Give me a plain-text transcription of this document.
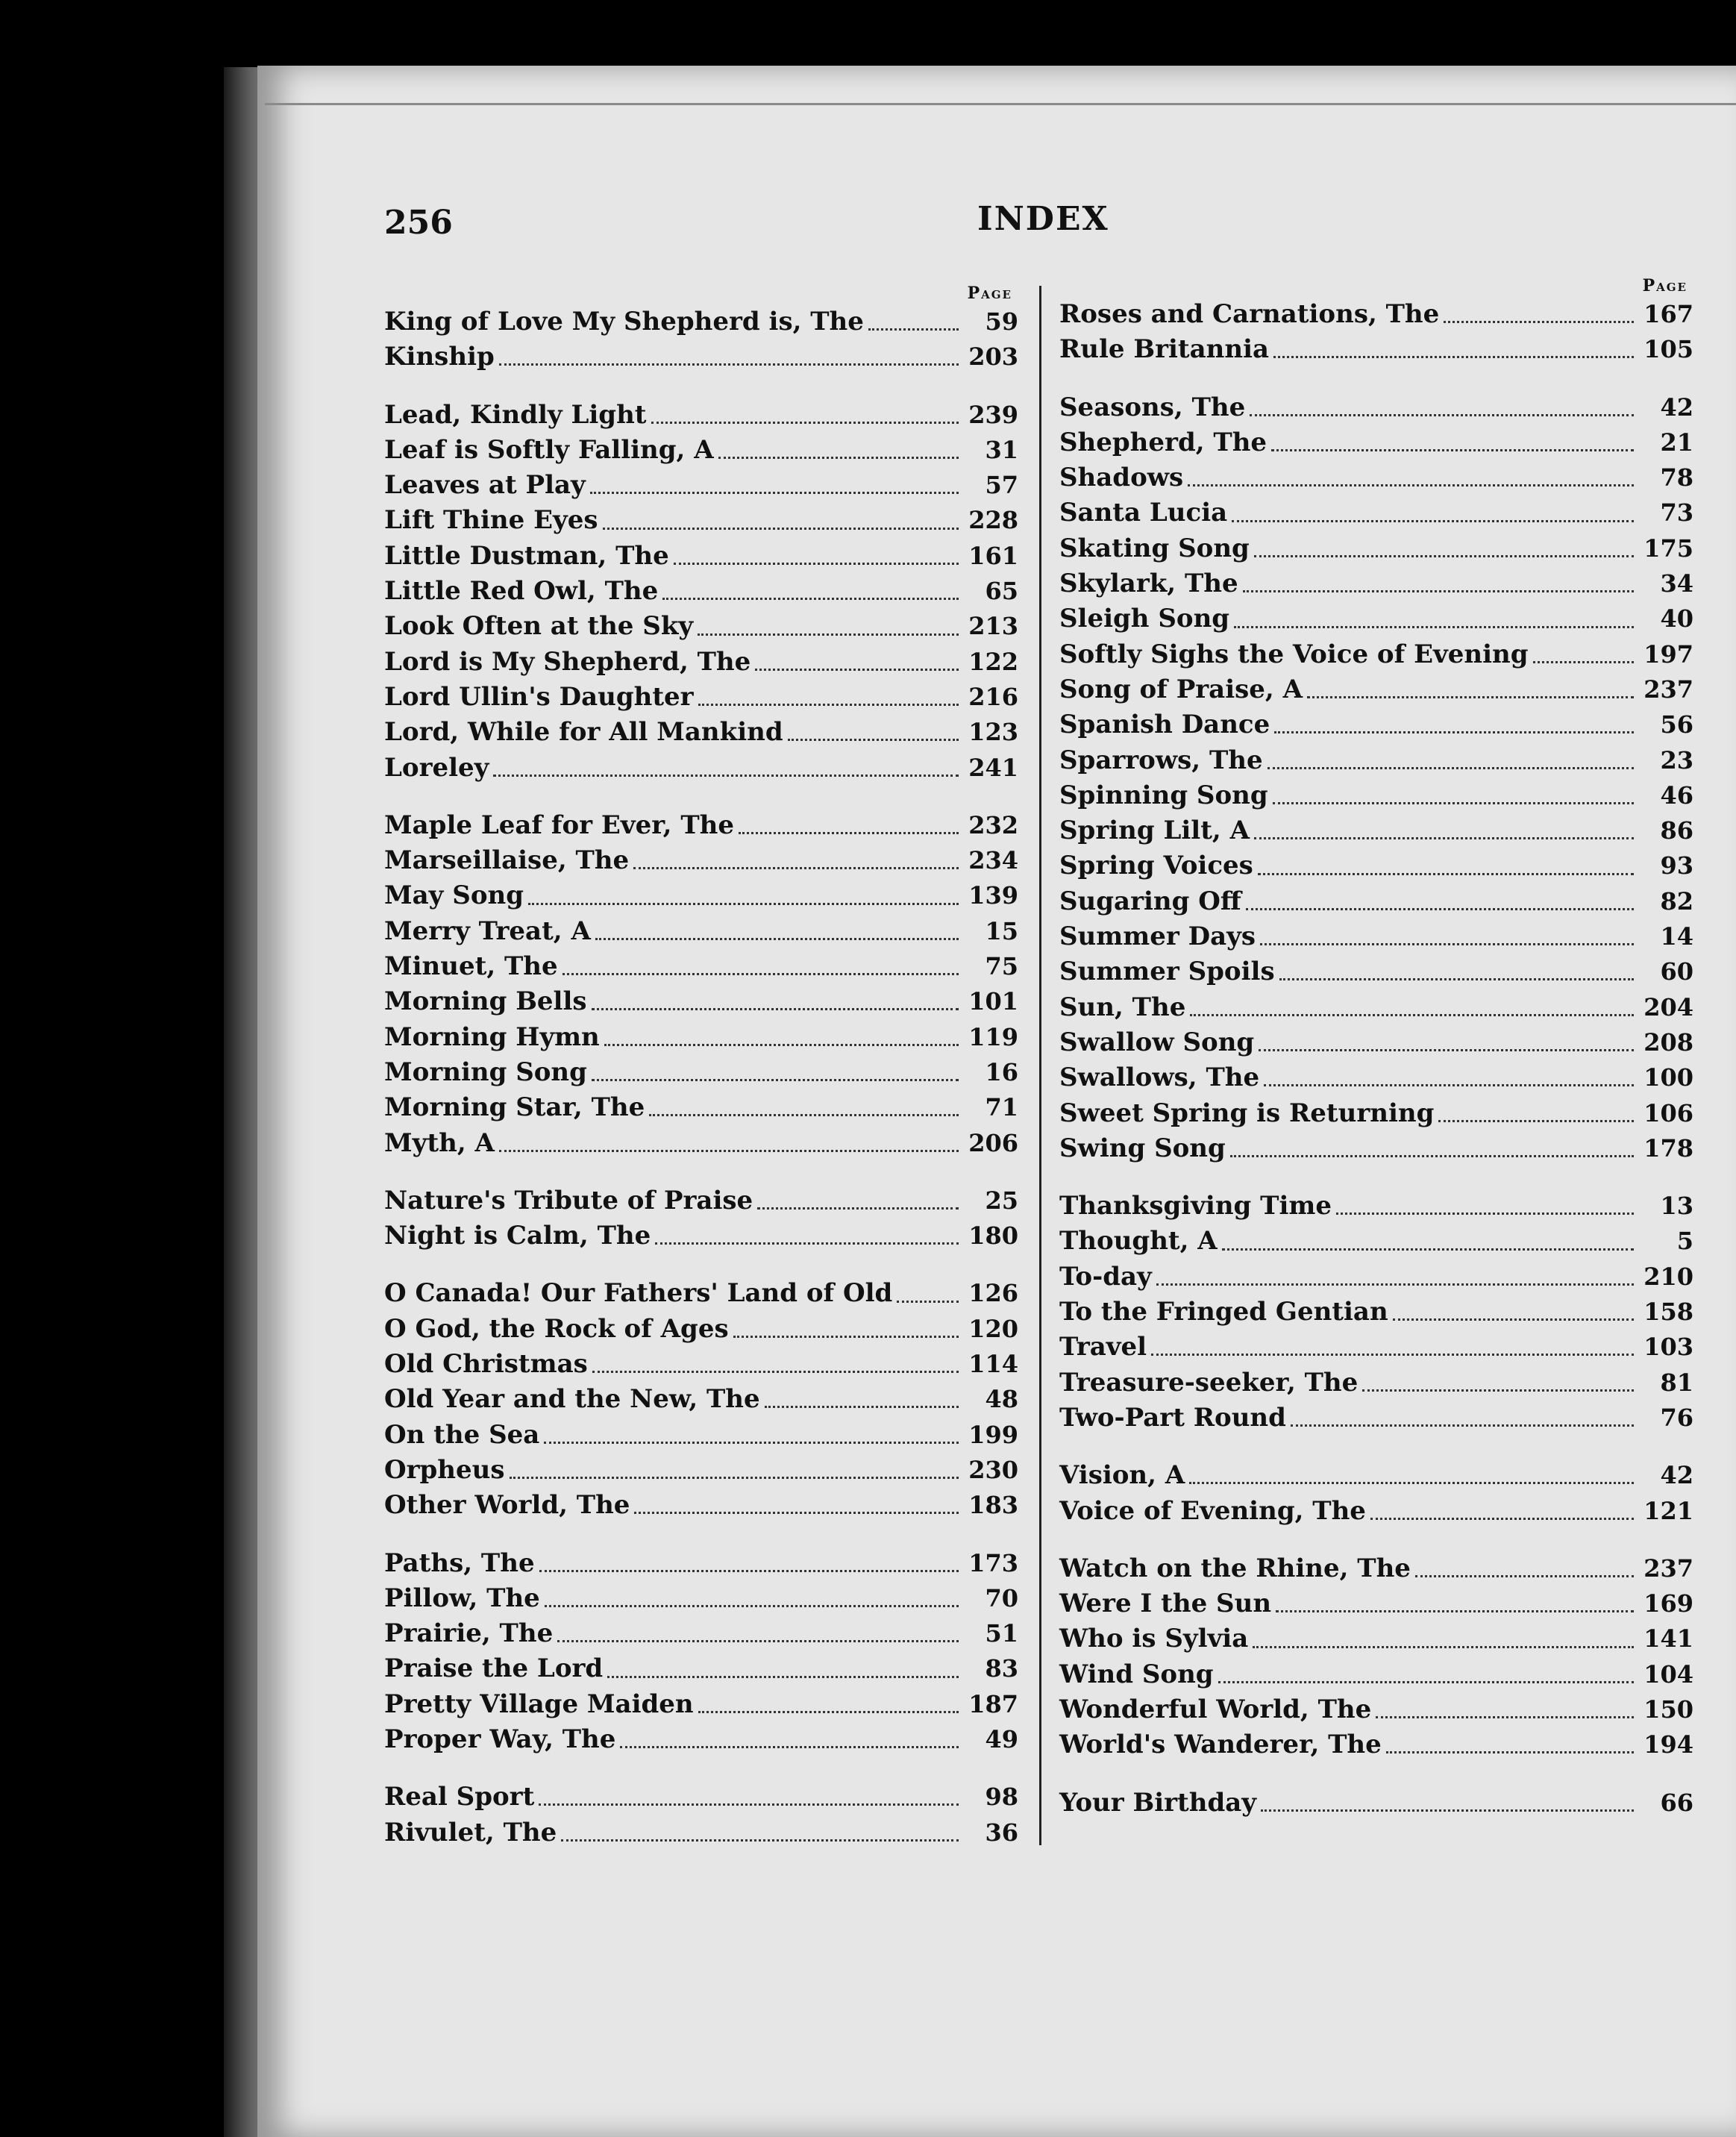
256	INDEX
Page
King of Love My Shepherd is, The	59
Kinship	203
Lead, Kindly Light	239
Leaf is Softly Falling, A	31
Leaves at Play	57
Lift Thine Eyes	228
Little Dustman, The	161
Little Red Owl, The	65
Look Often at the Sky	213
Lord is My Shepherd, The	122
Lord Ullin's Daughter	216
Lord, While for All Mankind	123
Loreley	241
Maple Leaf for Ever, The	232
Marseillaise, The	234
May Song	139
Merry Treat, A	15
Minuet, The	75
Morning Bells	101
Morning Hymn	119
Morning Song	16
Morning Star, The	71
Myth, A	206
Nature's Tribute of Praise	25
Night is Calm, The	180
O Canada! Our Fathers' Land of Old	126
O God, the Rock of Ages	120
Old Christmas	114
Old Year and the New, The	48
On the Sea	199
Orpheus	230
Other World, The	183
Paths, The	173
Pillow, The	70
Prairie, The	51
Praise the Lord	83
Pretty Village Maiden	187
Proper Way, The	49
Real Sport	98
Rivulet, The	36
Page
Roses and Carnations, The	167
Rule Britannia	105
Seasons, The	42
Shepherd, The	21
Shadows	78
Santa Lucia	73
Skating Song	175
Skylark, The	34
Sleigh Song	40
Softly Sighs the Voice of Evening	197
Song of Praise, A	237
Spanish Dance	56
Sparrows, The	23
Spinning Song	46
Spring Lilt, A	86
Spring Voices	93
Sugaring Off	82
Summer Days	14
Summer Spoils	60
Sun, The	204
Swallow Song	208
Swallows, The	100
Sweet Spring is Returning	106
Swing Song	178
Thanksgiving Time	13
Thought, A	5
To-day	210
To the Fringed Gentian	158
Travel	103
Treasure-seeker, The	81
Two-Part Round	76
Vision, A	42
Voice of Evening, The	121
Watch on the Rhine, The	237
Were I the Sun	169
Who is Sylvia	141
Wind Song	104
Wonderful World, The	150
World's Wanderer, The	194
Your Birthday	66
